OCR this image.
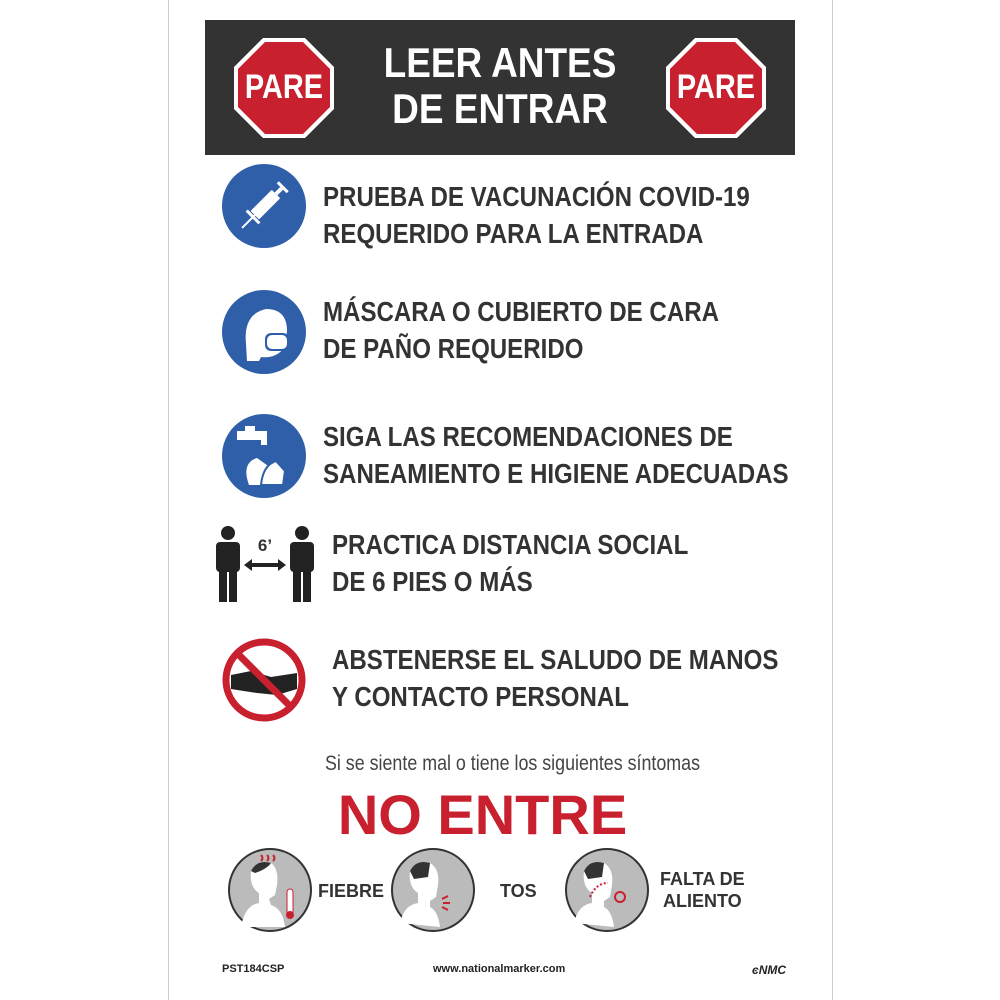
PARE	PARE
LEER ANTES
DE ENTRAR
PRUEBA DE VACUNACIÓN COVID-19
REQUERIDO PARA LA ENTRADA
MÁSCARA O CUBIERTO DE CARA
DE PAÑO REQUERIDO
SIGA LAS RECOMENDACIONES DE
SANEAMIENTO E HIGIENE ADECUADAS
6’	PRACTICA DISTANCIA SOCIAL
DE 6 PIES O MÁS
ABSTENERSE EL SALUDO DE MANOS
Y CONTACTO PERSONAL
Si se siente mal o tiene los siguientes síntomas
NO ENTRE
FIEBRE	TOS
FALTA DE
ALIENTO
PST184CSP	www.nationalmarker.com	ͼNMC
